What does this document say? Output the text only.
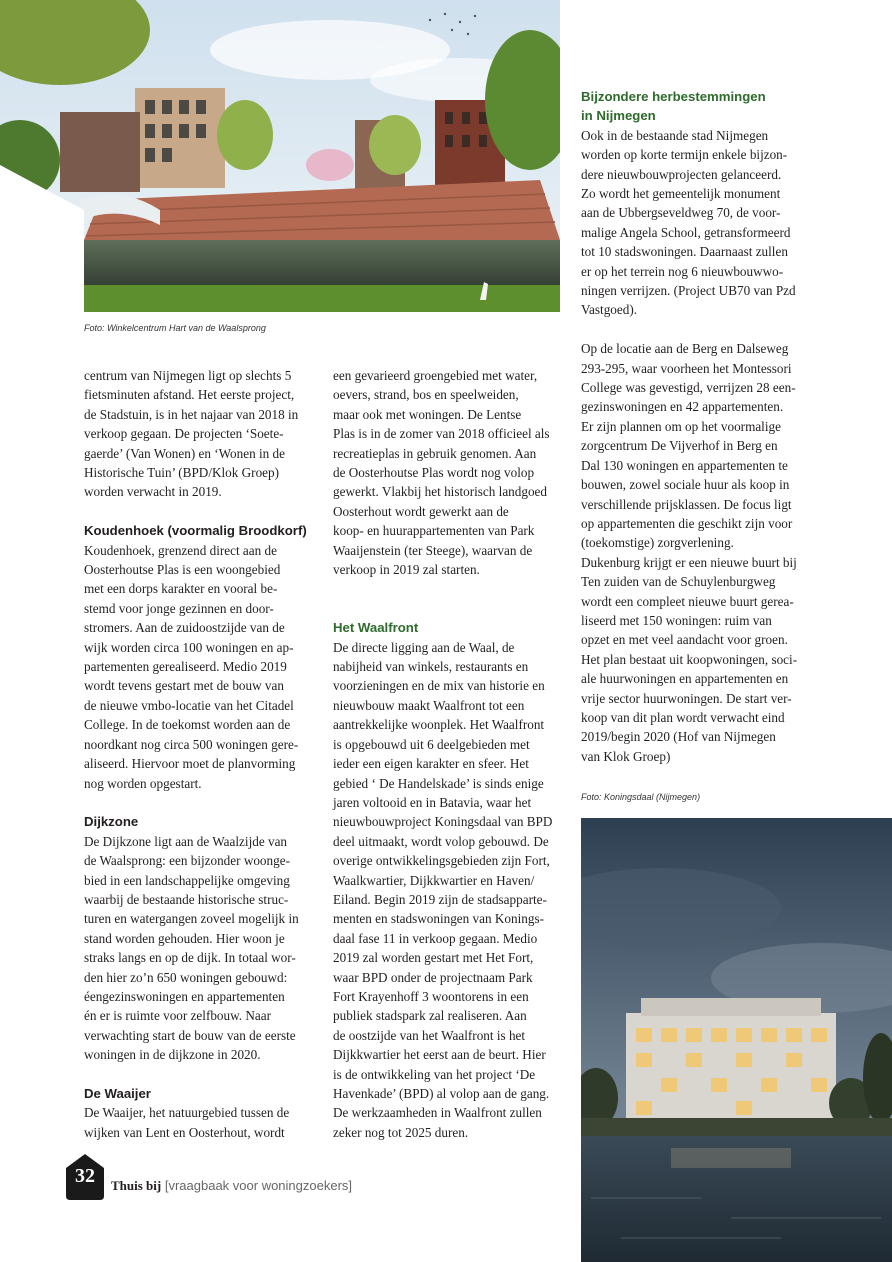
Foto: Winkelcentrum Hart van de Waalsprong

centrum van Nijmegen ligt op slechts 5
fietsminuten afstand. Het eerste project,
de Stadstuin, is in het najaar van 2018 in
verkoop gegaan. De projecten ‘Soete-
gaerde’ (Van Wonen) en ‘Wonen in de
Historische Tuin’ (BPD/Klok Groep)
worden verwacht in 2019.

Koudenhoek (voormalig Broodkorf)

Koudenhoek, grenzend direct aan de
Oosterhoutse Plas is een woongebied
met een dorps karakter en vooral be-
stemd voor jonge gezinnen en door-
stromers. Aan de zuidoostzijde van de
wijk worden circa 100 woningen en ap-
partementen gerealiseerd. Medio 2019
wordt tevens gestart met de bouw van
de nieuwe vmbo-locatie van het Citadel
College. In de toekomst worden aan de
noordkant nog circa 500 woningen gere-
aliseerd. Hiervoor moet de planvorming
nog worden opgestart.

Dijkzone

De Dijkzone ligt aan de Waalzijde van
de Waalsprong: een bijzonder woonge-
bied in een landschappelijke omgeving
waarbij de bestaande historische struc-
turen en watergangen zoveel mogelijk in
stand worden gehouden. Hier woon je
straks langs en op de dijk. In totaal wor-
den hier zo’n 650 woningen gebouwd:
éengezinswoningen en appartementen
én er is ruimte voor zelfbouw. Naar
verwachting start de bouw van de eerste
woningen in de dijkzone in 2020.

De Waaijer

De Waaijer, het natuurgebied tussen de
wijken van Lent en Oosterhout, wordt

een gevarieerd groengebied met water,
oevers, strand, bos en speelweiden,
maar ook met woningen. De Lentse
Plas is in de zomer van 2018 officieel als
recreatieplas in gebruik genomen. Aan
de Oosterhoutse Plas wordt nog volop
gewerkt. Vlakbij het historisch landgoed
Oosterhout wordt gewerkt aan de
koop- en huurappartementen van Park
Waaijenstein (ter Steege), waarvan de
verkoop in 2019 zal starten.

Het Waalfront

De directe ligging aan de Waal, de
nabijheid van winkels, restaurants en
voorzieningen en de mix van historie en
nieuwbouw maakt Waalfront tot een
aantrekkelijke woonplek. Het Waalfront
is opgebouwd uit 6 deelgebieden met
ieder een eigen karakter en sfeer. Het
gebied ‘ De Handelskade’ is sinds enige
jaren voltooid en in Batavia, waar het
nieuwbouwproject Koningsdaal van BPD
deel uitmaakt, wordt volop gebouwd. De
overige ontwikkelingsgebieden zijn Fort,
Waalkwartier, Dijkkwartier en Haven/
Eiland. Begin 2019 zijn de stadsapparte-
menten en stadswoningen van Konings-
daal fase 11 in verkoop gegaan. Medio
2019 zal worden gestart met Het Fort,
waar BPD onder de projectnaam Park
Fort Krayenhoff 3 woontorens in een
publiek stadspark zal realiseren. Aan
de oostzijde van het Waalfront is het
Dijkkwartier het eerst aan de beurt. Hier
is de ontwikkeling van het project ‘De
Havenkade’ (BPD) al volop aan de gang.
De werkzaamheden in Waalfront zullen
zeker nog tot 2025 duren.

Bijzondere herbestemmingen
in Nijmegen

Ook in de bestaande stad Nijmegen
worden op korte termijn enkele bijzon-
dere nieuwbouwprojecten gelanceerd.
Zo wordt het gemeentelijk monument
aan de Ubbergseveldweg 70, de voor-
malige Angela School, getransformeerd
tot 10 stadswoningen. Daarnaast zullen
er op het terrein nog 6 nieuwbouwwo-
ningen verrijzen. (Project UB70 van Pzd
Vastgoed).

Op de locatie aan de Berg en Dalseweg
293-295, waar voorheen het Montessori
College was gevestigd, verrijzen 28 een-
gezinswoningen en 42 appartementen.
Er zijn plannen om op het voormalige
zorgcentrum De Vijverhof in Berg en
Dal 130 woningen en appartementen te
bouwen, zowel sociale huur als koop in
verschillende prijsklassen. De focus ligt
op appartementen die geschikt zijn voor
(toekomstige) zorgverlening.
Dukenburg krijgt er een nieuwe buurt bij
Ten zuiden van de Schuylenburgweg
wordt een compleet nieuwe buurt gerea-
liseerd met 150 woningen: ruim van
opzet en met veel aandacht voor groen.
Het plan bestaat uit koopwoningen, soci-
ale huurwoningen en appartementen en
vrije sector huurwoningen. De start ver-
koop van dit plan wordt verwacht eind
2019/begin 2020 (Hof van Nijmegen
van Klok Groep)

Foto: Koningsdaal (Nijmegen)
32	Thuis bij [vraagbaak voor woningzoekers]
